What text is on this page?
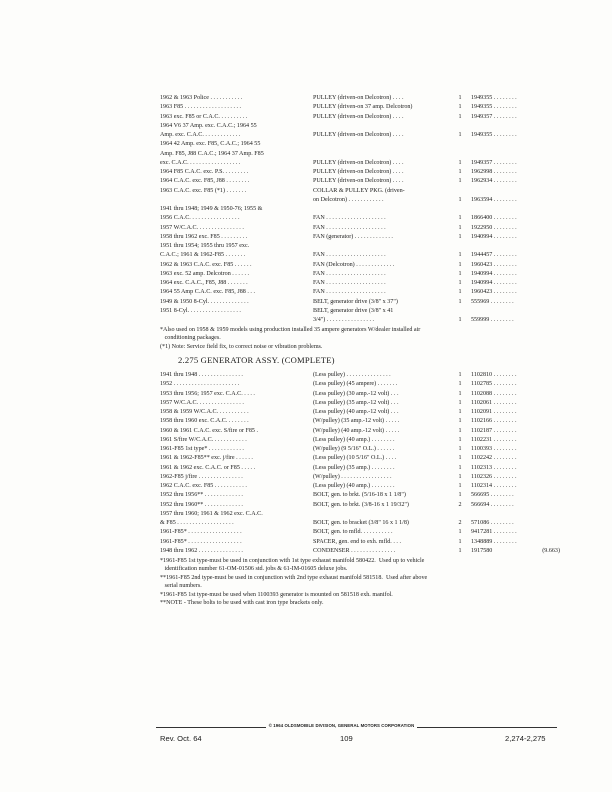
1962 & 1963 Police . . . . . . . . . . .	PULLEY (driven-on Delcotron) . . . .	1	1949355 . . . . . . . .
1963 F85 . . . . . . . . . . . . . . . . . . .	PULLEY (driven-on 37 amp. Delcotron)	1	1949355 . . . . . . . .
1963 exc. F85 or C.A.C. . . . . . . . . .	PULLEY (driven-on Delcotron) . . . .	1	1949357 . . . . . . . .
1964 V6 37 Amp. exc. C.A.C.; 1964 55
Amp. exc. C.A.C. . . . . . . . . . . . .	PULLEY (driven-on Delcotron) . . . .	1	1949355 . . . . . . . .
1964 42 Amp. exc. F85, C.A.C.; 1964 55
Amp. F85, J88 C.A.C.; 1964 37 Amp. F85
exc. C.A.C. . . . . . . . . . . . . . . . . .	PULLEY (driven-on Delcotron) . . . .	1	1949357 . . . . . . . .
1964 F85 C.A.C. exc. P.S. . . . . . . . .	PULLEY (driven-on Delcotron) . . . .	1	1962998 . . . . . . . .
1964 C.A.C. exc. F85, J88 . . . . . . . .	PULLEY (driven-on Delcotron) . . . .	1	1962934 . . . . . . . .
1963 C.A.C. exc. F85 (*1) . . . . . . .	COLLAR & PULLEY PKG. (driven-
on Delcotron) . . . . . . . . . . . .	1	1963594 . . . . . . . .
1941 thru 1948; 1949 & 1950-76; 1955 &
1956 C.A.C. . . . . . . . . . . . . . . . .	FAN . . . . . . . . . . . . . . . . . . . .	1	1866400 . . . . . . . .
1957 W/C.A.C. . . . . . . . . . . . . . . .	FAN . . . . . . . . . . . . . . . . . . . .	1	1922950 . . . . . . . .
1958 thru 1962 exc. F85 . . . . . . . . .	FAN (generator) . . . . . . . . . . . . .	1	1940994 . . . . . . . .
1951 thru 1954; 1955 thru 1957 exc.
C.A.C.; 1961 & 1962-F85 . . . . . . .	FAN . . . . . . . . . . . . . . . . . . . .	1	1944457 . . . . . . . .
1962 & 1963 C.A.C. exc. F85 . . . . . .	FAN (Delcotron) . . . . . . . . . . . . .	1	1960423 . . . . . . . .
1963 exc. 52 amp. Delcotron . . . . . .	FAN . . . . . . . . . . . . . . . . . . . .	1	1940994 . . . . . . . .
1964 exc. C.A.C., F85, J88 . . . . . . .	FAN . . . . . . . . . . . . . . . . . . . .	1	1940994 . . . . . . . .
1964 55 Amp C.A.C. exc. F85, J88 . . .	FAN . . . . . . . . . . . . . . . . . . . .	1	1960423 . . . . . . . .
1949 & 1950 8-Cyl. . . . . . . . . . . . . .	BELT, generator drive (3/8" x 37")	1	555969 . . . . . . . .
1951 8-Cyl. . . . . . . . . . . . . . . . . .	BELT, generator drive (3/8" x 41
3/4") . . . . . . . . . . . . . . . .	1	559999 . . . . . . . .
*Also used on 1958 & 1959 models using production installed 35 ampere generators W/dealer installed air
conditioning packages.
(*1) Note: Service field fix, to correct noise or vibration problems.
2.275 GENERATOR ASSY. (COMPLETE)
1941 thru 1948 . . . . . . . . . . . . . . .	(Less pulley) . . . . . . . . . . . . . . .	1	1102810 . . . . . . . .
1952 . . . . . . . . . . . . . . . . . . . . . .	(Less pulley) (45 ampere) . . . . . . .	1	1102785 . . . . . . . .
1953 thru 1956; 1957 exc. C.A.C. . . . .	(Less pulley) (30 amp.-12 volt) . . .	1	1102088 . . . . . . . .
1957 W/C.A.C. . . . . . . . . . . . . . . .	(Less pulley) (35 amp.-12 volt) . . .	1	1102061 . . . . . . . .
1958 & 1959 W/C.A.C. . . . . . . . . . .	(Less pulley) (40 amp.-12 volt) . . .	1	1102091 . . . . . . . .
1958 thru 1960 exc. C.A.C. . . . . . . .	(W/pulley) (35 amp.-12 volt) . . . . .	1	1102166 . . . . . . . .
1960 & 1961 C.A.C. exc. S/fire or F85 .	(W/pulley) (40 amp.-12 volt) . . . . .	1	1102187 . . . . . . . .
1961 S/fire W/C.A.C. . . . . . . . . . . .	(Less pulley) (40 amp.) . . . . . . . .	1	1102231 . . . . . . . .
1961-F85 1st type* . . . . . . . . . . . .	(W/pulley) (9 5/16" O.L.) . . . . . .	1	1100393 . . . . . . . .
1961 & 1962-F85** exc. j/fire . . . . . .	(Less pulley) (10 5/16" O.L.) . . . .	1	1102242 . . . . . . . .
1961 & 1962 exc. C.A.C. or F85 . . . . .	(Less pulley) (35 amp.) . . . . . . . .	1	1102313 . . . . . . . .
1962-F85 j/fire . . . . . . . . . . . . . . .	(W/pulley) . . . . . . . . . . . . . . . . .	1	1102326 . . . . . . . .
1962 C.A.C. exc. F85 . . . . . . . . . . .	(Less pulley) (40 amp.) . . . . . . . .	1	1102314 . . . . . . . .
1952 thru 1956** . . . . . . . . . . . . .	BOLT, gen. to brkt. (5/16-18 x 1 1/8")	1	566695 . . . . . . . .
1952 thru 1960** . . . . . . . . . . . . .	BOLT, gen. to brkt. (3/8-16 x 1 19/32")	2	566694 . . . . . . . .
1957 thru 1960; 1961 & 1962 exc. C.A.C.
& F85 . . . . . . . . . . . . . . . . . . .	BOLT, gen. to bracket (3/8" 16 x 1 1/8)	2	571086 . . . . . . . .
1961-F85* . . . . . . . . . . . . . . . . . .	BOLT, gen. to mfld. . . . . . . . . . .	1	9417281 . . . . . . . .
1961-F85* . . . . . . . . . . . . . . . . . .	SPACER, gen. end to exh. mfld. . . .	1	1348889 . . . . . . . .
1948 thru 1962 . . . . . . . . . . . . . . .	CONDENSER . . . . . . . . . . . . . . .	1	1917580	(9.663)
*1961-F85 1st type-must be used in conjunction with 1st type exhaust manifold 580422.  Used up to vehicle
identification number 61-OM-01506 std. jobs & 61-IM-01605 deluxe jobs.
**1961-F85 2nd type-must be used in conjunction with 2nd type exhaust manifold 581518.  Used after above
serial numbers.
*1961-F85 1st type-must be used when 1100393 generator is mounted on 581518 exh. manifol.
**NOTE - These bolts to be used with cast iron type brackets only.
© 1964 OLDSMOBILE DIVISION, GENERAL MOTORS CORPORATION
Rev. Oct. 64	109	2,274-2,275
